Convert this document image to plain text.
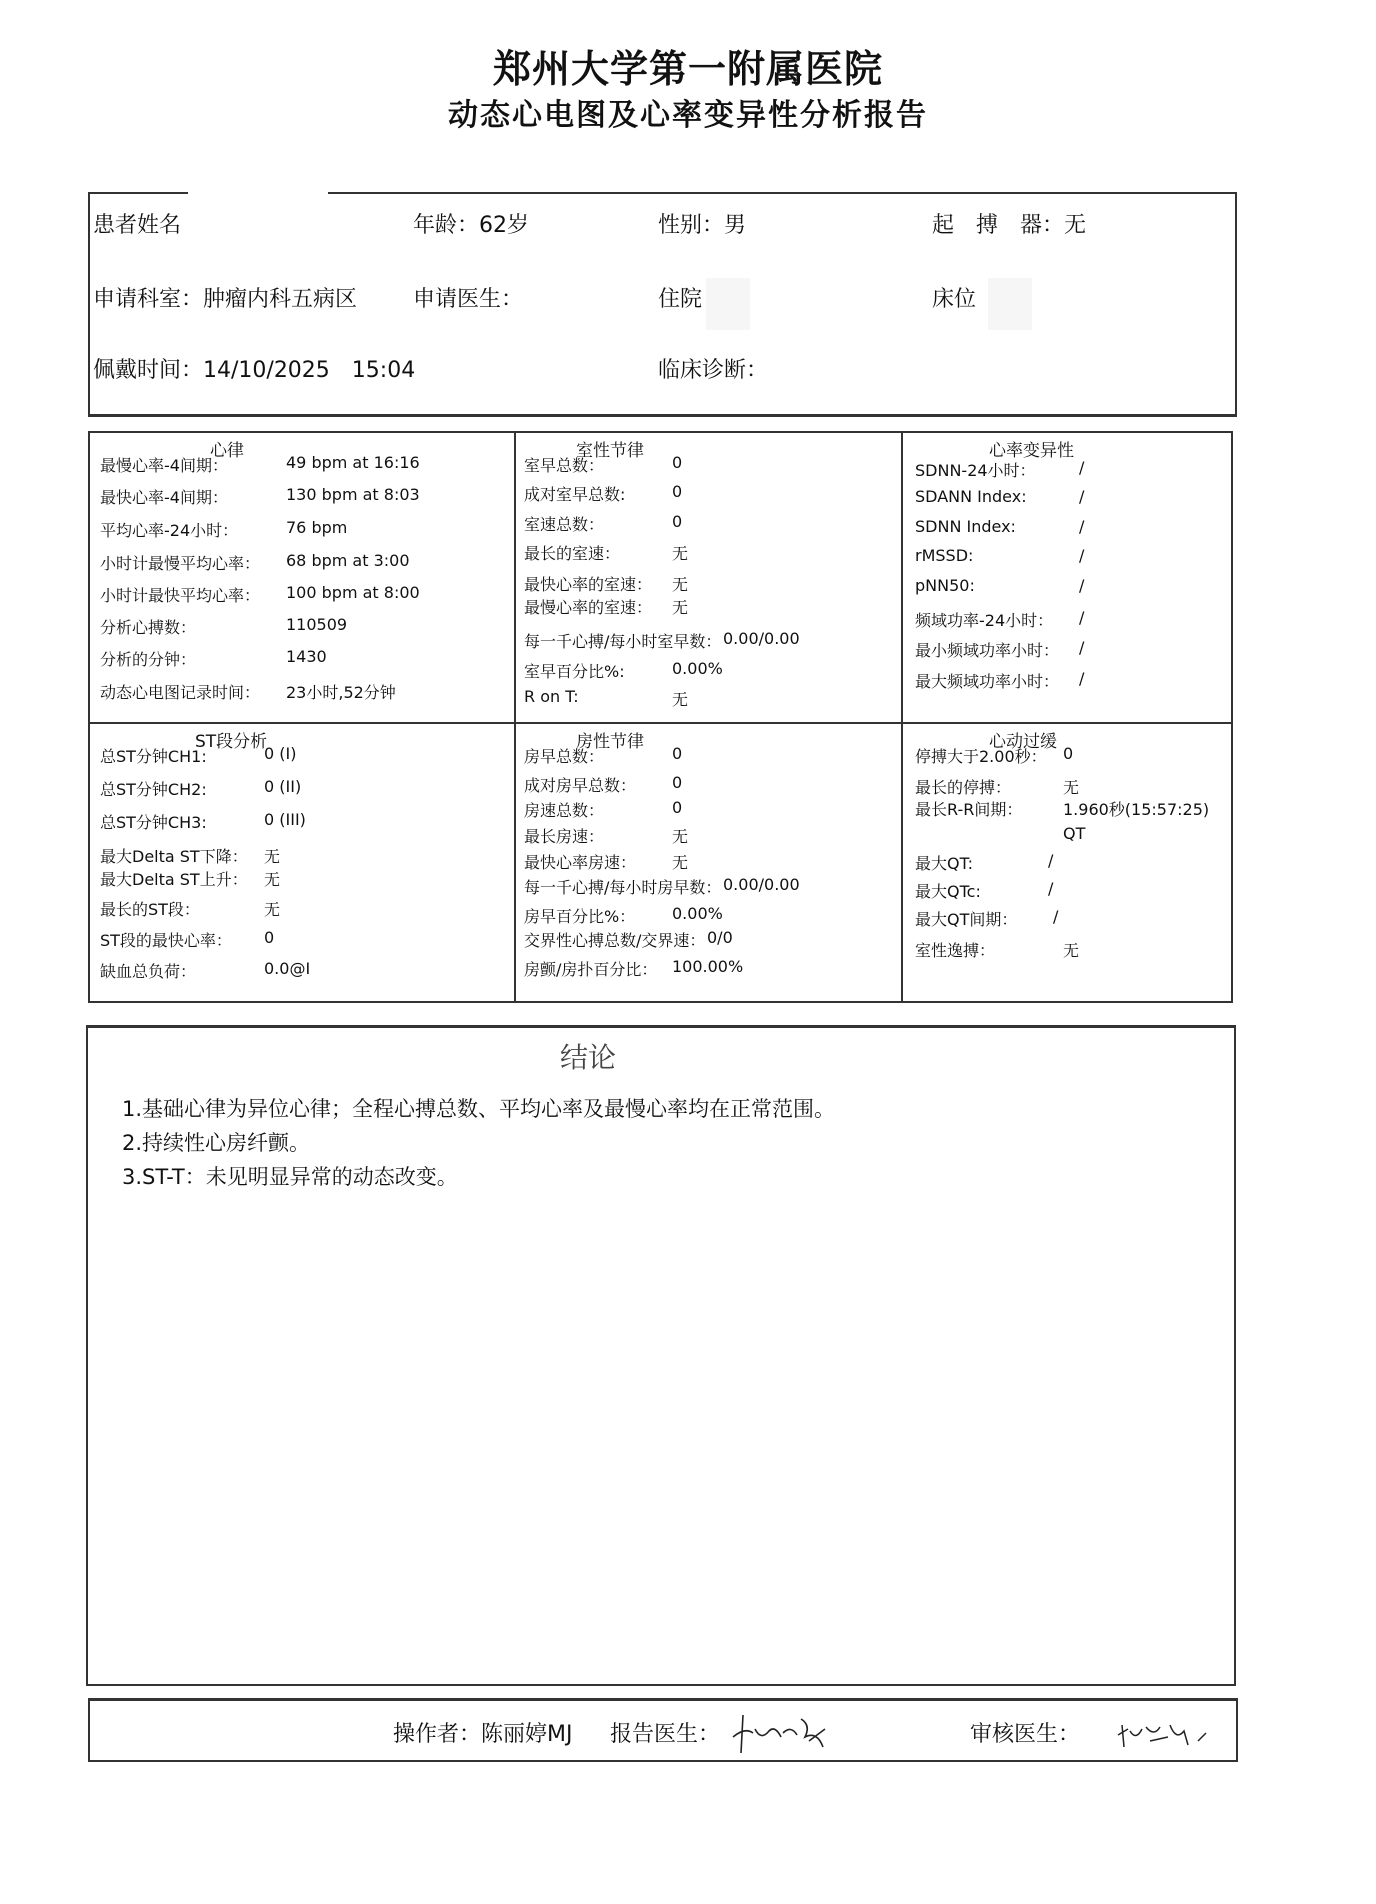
郑州大学第一附属医院
动态心电图及心率变异性分析报告
患者姓名	年龄：62岁	性别：男	起　搏　器：无
申请科室：肿瘤内科五病区	申请医生：	住院	床位
佩戴时间：14/10/2025　15:04	临床诊断：
心律
最慢心率-4间期：	49 bpm at 16:16
最快心率-4间期：	130 bpm at 8:03
平均心率-24小时：	76 bpm
小时计最慢平均心率： 68 bpm at 3:00
小时计最快平均心率： 100 bpm at 8:00
分析心搏数：	110509
分析的分钟：	1430
动态心电图记录时间： 23小时,52分钟
室性节律
室早总数：	0
成对室早总数:	0
室速总数：	0
最长的室速：	无
最快心率的室速： 无
最慢心率的室速： 无
每一千心搏/每小时室早数： 0.00/0.00
室早百分比%:	0.00%
R on T:	无
心率变异性
SDNN-24小时：	/
SDANN Index:	/
SDNN Index:	/
rMSSD:	/
pNN50:	/
频域功率-24小时： /
最小频域功率小时： /
最大频域功率小时： /
ST段分析
总ST分钟CH1:	0 (I)
总ST分钟CH2:	0 (II)
总ST分钟CH3:	0 (III)
最大Delta ST下降： 无
最大Delta ST上升： 无
最长的ST段：	无
ST段的最快心率： 0
缺血总负荷：	0.0@I
房性节律
房早总数：	0
成对房早总数： 0
房速总数：	0
最长房速：	无
最快心率房速： 无
每一千心搏/每小时房早数： 0.00/0.00
房早百分比%： 0.00%
交界性心搏总数/交界速： 0/0
房颤/房扑百分比： 100.00%
心动过缓
停搏大于2.00秒： 0
最长的停搏：	无
最长R-R间期：	1.960秒(15:57:25)
QT
最大QT:	/
最大QTc:	/
最大QT间期： /
室性逸搏：	无
结论
1.基础心律为异位心律；全程心搏总数、平均心率及最慢心率均在正常范围。
2.持续性心房纤颤。
3.ST-T：未见明显异常的动态改变。
操作者：陈丽婷MJ 报告医生：	审核医生：
